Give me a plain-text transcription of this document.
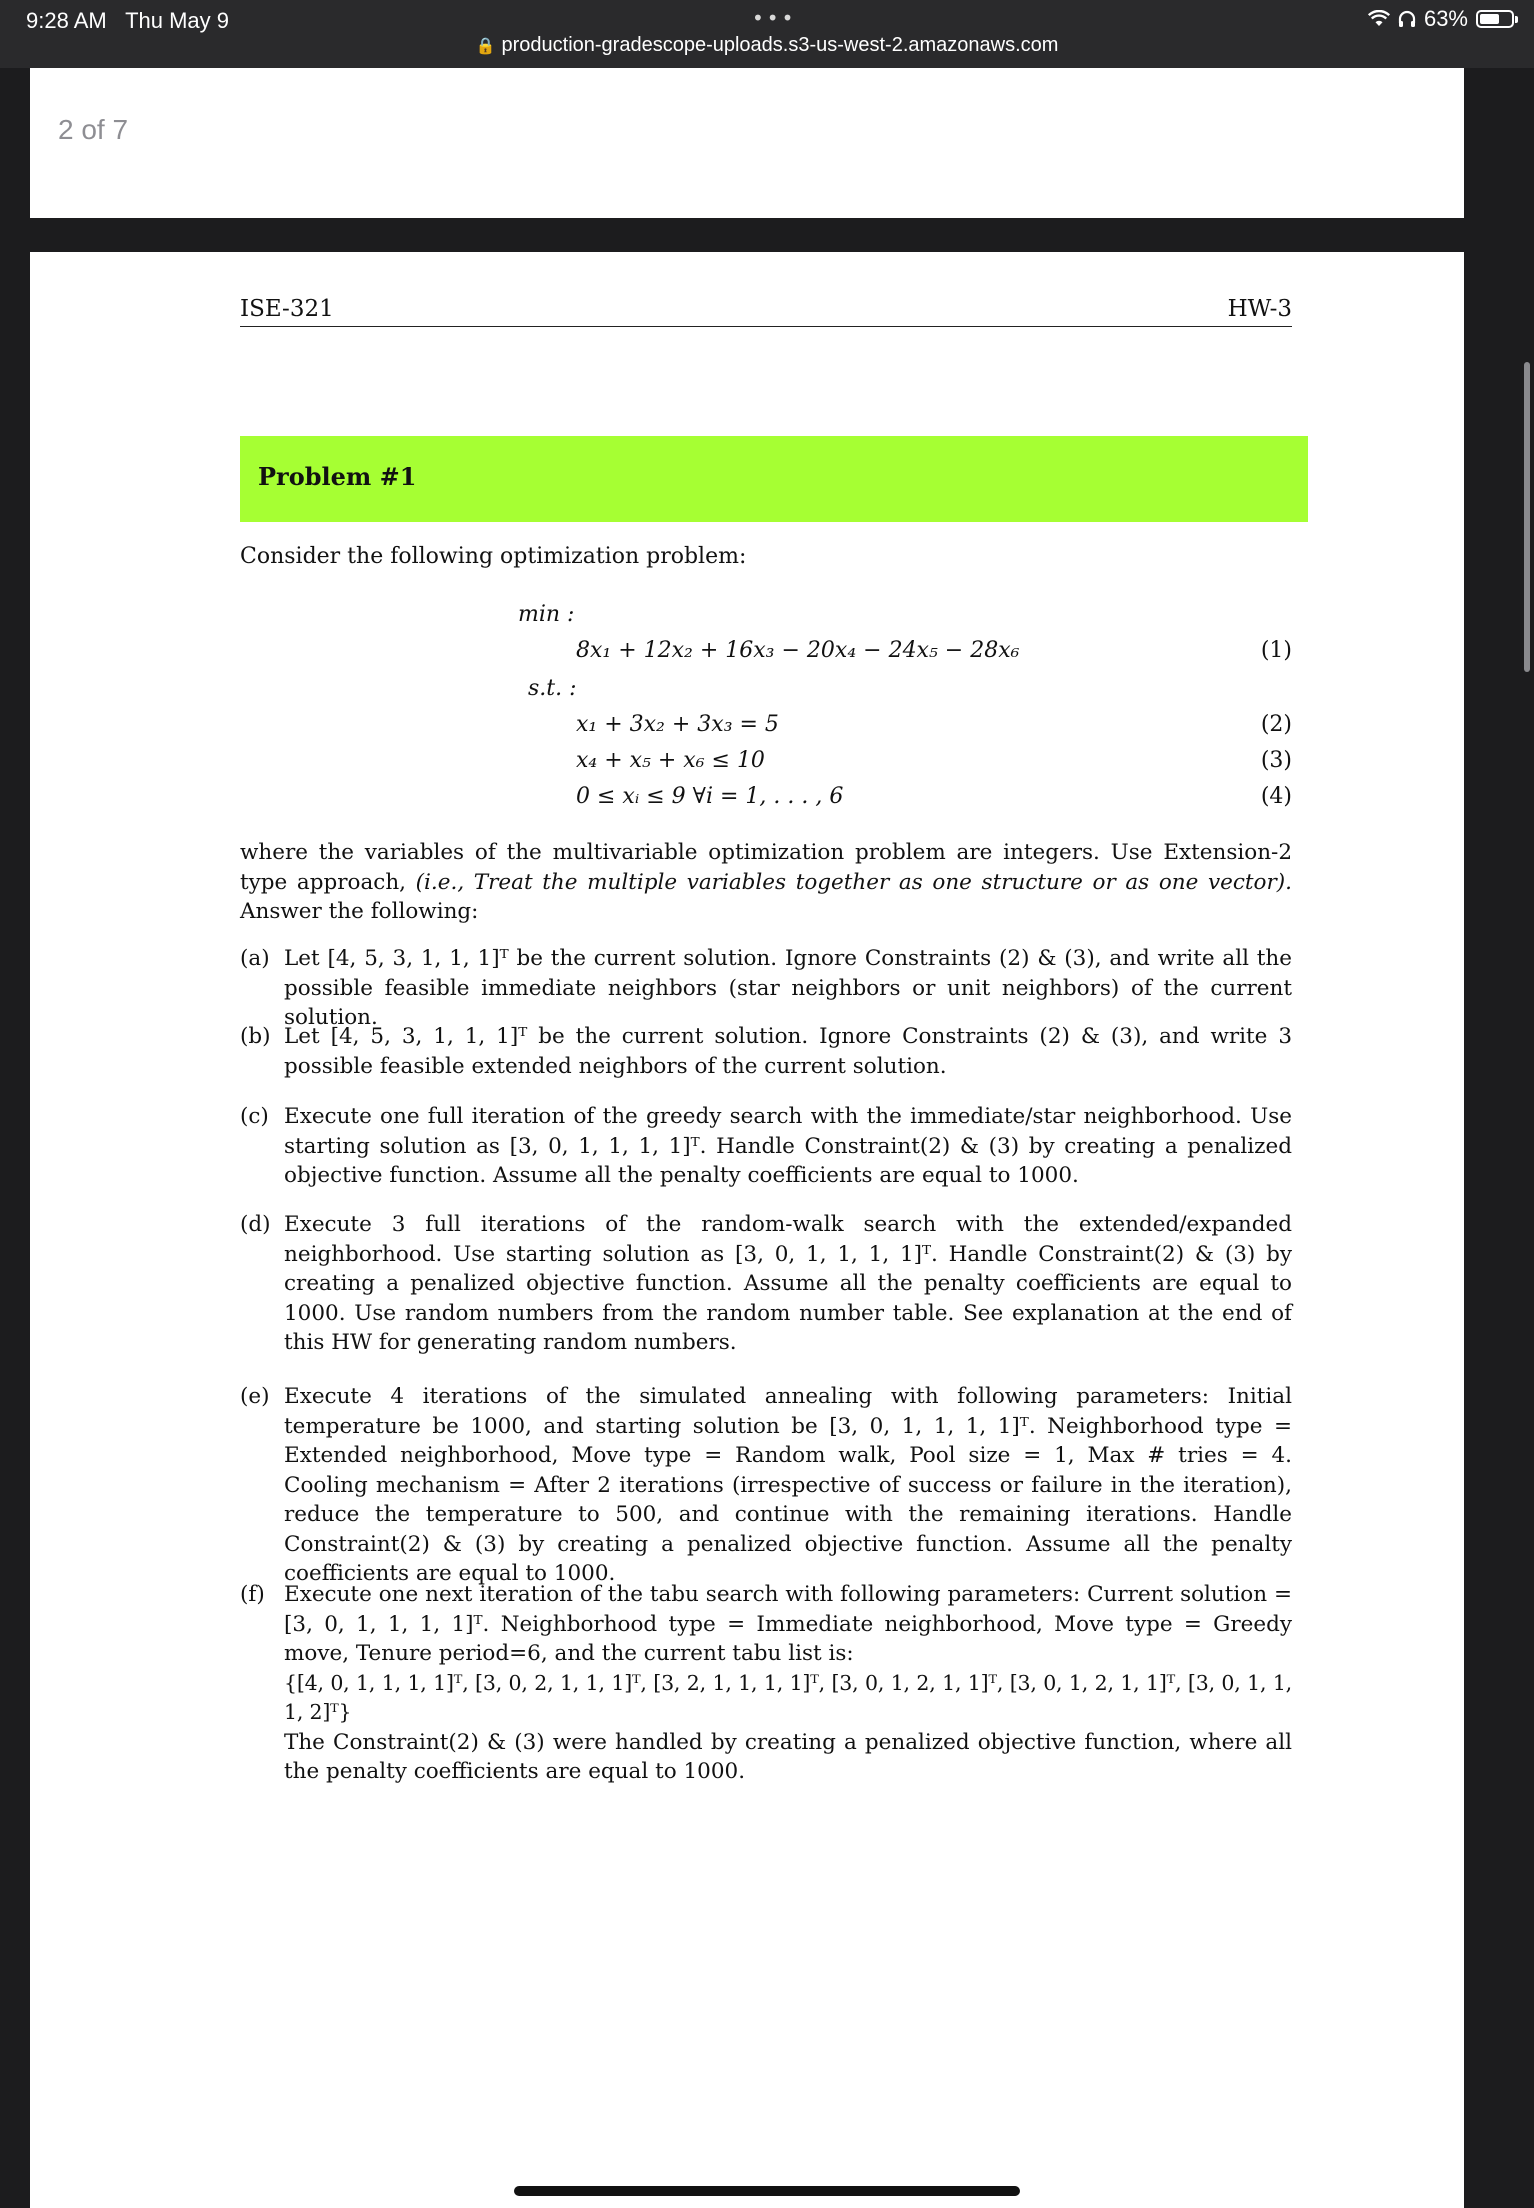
9:28 AM Thu May 9	•••	63%
🔒 production-gradescope-uploads.s3-us-west-2.amazonaws.com
2 of 7
ISE-321	HW-3
Problem #1
Consider the following optimization problem:
min :
8x₁ + 12x₂ + 16x₃ − 20x₄ − 24x₅ − 28x₆	(1)
s.t. :
x₁ + 3x₂ + 3x₃ = 5	(2)
x₄ + x₅ + x₆ ≤ 10	(3)
0 ≤ xᵢ ≤ 9 ∀i = 1, . . . , 6	(4)
where the variables of the multivariable optimization problem are integers. Use Extension-2 type approach, (i.e., Treat the multiple variables together as one structure or as one vector). Answer the following:
(a) Let [4, 5, 3, 1, 1, 1]ᵀ be the current solution. Ignore Constraints (2) & (3), and write all the possible feasible immediate neighbors (star neighbors or unit neighbors) of the current solution.
(b) Let [4, 5, 3, 1, 1, 1]ᵀ be the current solution. Ignore Constraints (2) & (3), and write 3 possible feasible extended neighbors of the current solution.
(c) Execute one full iteration of the greedy search with the immediate/star neighborhood. Use starting solution as [3, 0, 1, 1, 1, 1]ᵀ. Handle Constraint(2) & (3) by creating a penalized objective function. Assume all the penalty coefficients are equal to 1000.
(d) Execute 3 full iterations of the random-walk search with the extended/expanded neighborhood. Use starting solution as [3, 0, 1, 1, 1, 1]ᵀ. Handle Constraint(2) & (3) by creating a penalized objective function. Assume all the penalty coefficients are equal to 1000. Use random numbers from the random number table. See explanation at the end of this HW for generating random numbers.
(e) Execute 4 iterations of the simulated annealing with following parameters: Initial temperature be 1000, and starting solution be [3, 0, 1, 1, 1, 1]ᵀ. Neighborhood type = Extended neighborhood, Move type = Random walk, Pool size = 1, Max # tries = 4. Cooling mechanism = After 2 iterations (irrespective of success or failure in the iteration), reduce the temperature to 500, and continue with the remaining iterations. Handle Constraint(2) & (3) by creating a penalized objective function. Assume all the penalty coefficients are equal to 1000.
(f) Execute one next iteration of the tabu search with following parameters: Current solution = [3, 0, 1, 1, 1, 1]ᵀ. Neighborhood type = Immediate neighborhood, Move type = Greedy move, Tenure period=6, and the current tabu list is:
{[4, 0, 1, 1, 1, 1]ᵀ, [3, 0, 2, 1, 1, 1]ᵀ, [3, 2, 1, 1, 1, 1]ᵀ, [3, 0, 1, 2, 1, 1]ᵀ, [3, 0, 1, 2, 1, 1]ᵀ, [3, 0, 1, 1, 1, 2]ᵀ}
The Constraint(2) & (3) were handled by creating a penalized objective function, where all the penalty coefficients are equal to 1000.
